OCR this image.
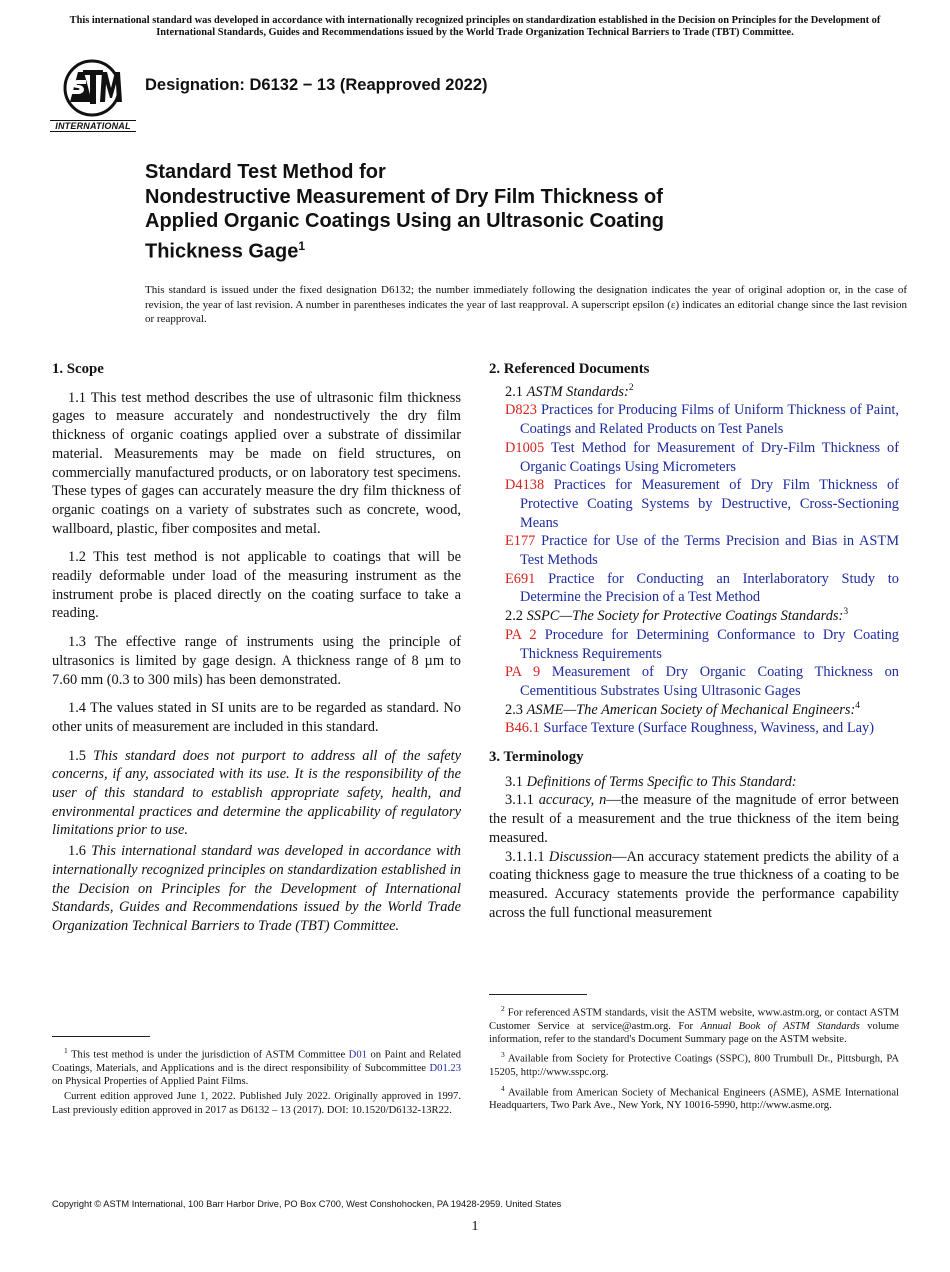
This international standard was developed in accordance with internationally recognized principles on standardization established in the Decision on Principles for the Development of International Standards, Guides and Recommendations issued by the World Trade Organization Technical Barriers to Trade (TBT) Committee.
INTERNATIONAL
Designation: D6132 − 13 (Reapproved 2022)
Standard Test Method for
Nondestructive Measurement of Dry Film Thickness of
Applied Organic Coatings Using an Ultrasonic Coating
Thickness Gage$^1$

This standard is issued under the fixed designation D6132; the number immediately following the designation indicates the year of original adoption or, in the case of revision, the year of last revision. A number in parentheses indicates the year of last reapproval. A superscript epsilon (ε) indicates an editorial change since the last revision or reapproval.

1. Scope

1.1 This test method describes the use of ultrasonic film thickness gages to measure accurately and nondestructively the dry film thickness of organic coatings applied over a substrate of dissimilar material. Measurements may be made on field structures, on commercially manufactured products, or on laboratory test specimens. These types of gages can accurately measure the dry film thickness of organic coatings on a variety of substrates such as concrete, wood, wallboard, plastic, fiber composites and metal.

1.2 This test method is not applicable to coatings that will be readily deformable under load of the measuring instrument as the instrument probe is placed directly on the coating surface to take a reading.

1.3 The effective range of instruments using the principle of ultrasonics is limited by gage design. A thickness range of 8 µm to 7.60 mm (0.3 to 300 mils) has been demonstrated.

1.4 The values stated in SI units are to be regarded as standard. No other units of measurement are included in this standard.

1.5 This standard does not purport to address all of the safety concerns, if any, associated with its use. It is the responsibility of the user of this standard to establish appropriate safety, health, and environmental practices and determine the applicability of regulatory limitations prior to use.

1.6 This international standard was developed in accordance with internationally recognized principles on standardization established in the Decision on Principles for the Development of International Standards, Guides and Recommendations issued by the World Trade Organization Technical Barriers to Trade (TBT) Committee.

2. Referenced Documents

2.1 ASTM Standards:$^2$

D823 Practices for Producing Films of Uniform Thickness of Paint, Coatings and Related Products on Test Panels

D1005 Test Method for Measurement of Dry-Film Thickness of Organic Coatings Using Micrometers

D4138 Practices for Measurement of Dry Film Thickness of Protective Coating Systems by Destructive, Cross-Sectioning Means

E177 Practice for Use of the Terms Precision and Bias in ASTM Test Methods

E691 Practice for Conducting an Interlaboratory Study to Determine the Precision of a Test Method

2.2 SSPC—The Society for Protective Coatings Standards:$^3$

PA 2 Procedure for Determining Conformance to Dry Coating Thickness Requirements

PA 9 Measurement of Dry Organic Coating Thickness on Cementitious Substrates Using Ultrasonic Gages

2.3 ASME—The American Society of Mechanical Engineers:$^4$

B46.1 Surface Texture (Surface Roughness, Waviness, and Lay)

3. Terminology

3.1 Definitions of Terms Specific to This Standard:

3.1.1 accuracy, n—the measure of the magnitude of error between the result of a measurement and the true thickness of the item being measured.

3.1.1.1 Discussion—An accuracy statement predicts the ability of a coating thickness gage to measure the true thickness of a coating to be measured. Accuracy statements provide the performance capability across the full functional measurement

$^1$ This test method is under the jurisdiction of ASTM Committee D01 on Paint and Related Coatings, Materials, and Applications and is the direct responsibility of Subcommittee D01.23 on Physical Properties of Applied Paint Films.

Current edition approved June 1, 2022. Published July 2022. Originally approved in 1997. Last previously edition approved in 2017 as D6132 – 13 (2017). DOI: 10.1520/D6132-13R22.

$^2$ For referenced ASTM standards, visit the ASTM website, www.astm.org, or contact ASTM Customer Service at service@astm.org. For Annual Book of ASTM Standards volume information, refer to the standard's Document Summary page on the ASTM website.

$^3$ Available from Society for Protective Coatings (SSPC), 800 Trumbull Dr., Pittsburgh, PA 15205, http://www.sspc.org.

$^4$ Available from American Society of Mechanical Engineers (ASME), ASME International Headquarters, Two Park Ave., New York, NY 10016-5990, http://www.asme.org.

Copyright © ASTM International, 100 Barr Harbor Drive, PO Box C700, West Conshohocken, PA 19428-2959. United States
1
